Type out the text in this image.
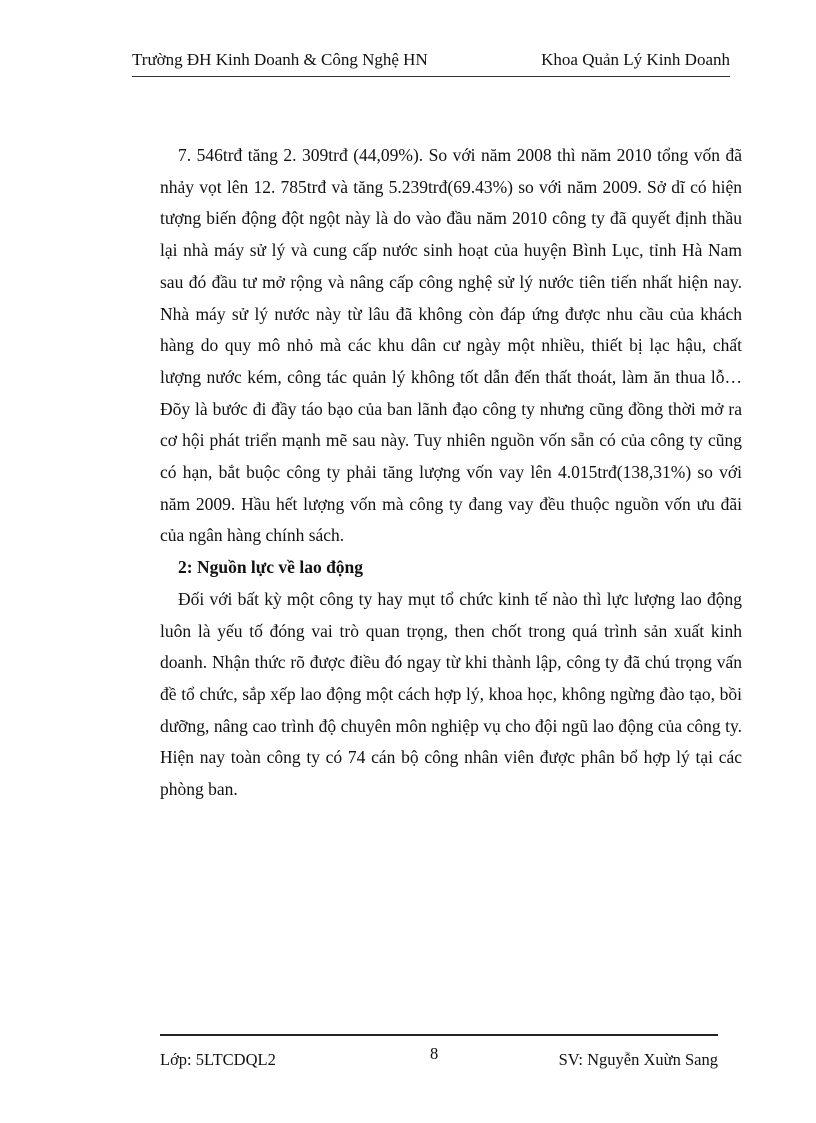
Trường ĐH Kinh Doanh & Công Nghệ HN	Khoa Quản Lý Kinh Doanh

7. 546trđ tăng 2. 309trđ (44,09%). So với năm 2008 thì năm 2010 tổng vốn đã nhảy vọt lên 12. 785trđ và tăng 5.239trđ(69.43%) so với năm 2009. Sở dĩ có hiện tượng biến động đột ngột này là do vào đầu năm 2010 công ty đã quyết định thầu lại nhà máy sử lý và cung cấp nước sinh hoạt của huyện Bình Lục, tỉnh Hà Nam sau đó đầu tư mở rộng và nâng cấp công nghệ sử lý nước tiên tiến nhất hiện nay. Nhà máy sử lý nước này từ lâu đã không còn đáp ứng được nhu cầu của khách hàng do quy mô nhỏ mà các khu dân cư ngày một nhiều, thiết bị lạc hậu, chất lượng nước kém, công tác quản lý không tốt dẫn đến thất thoát, làm ăn thua lỗ…Đõy là bước đi đầy táo bạo của ban lãnh đạo công ty nhưng cũng đồng thời mở ra cơ hội phát triển mạnh mẽ sau này. Tuy nhiên nguồn vốn sẵn có của công ty cũng có hạn, bắt buộc công ty phải tăng lượng vốn vay lên 4.015trđ(138,31%) so với năm 2009. Hầu hết lượng vốn mà công ty đang vay đều thuộc nguồn vốn ưu đãi của ngân hàng chính sách.

2: Nguồn lực về lao động

Đối với bất kỳ một công ty hay mụt tổ chức kinh tế nào thì lực lượng lao động luôn là yếu tố đóng vai trò quan trọng, then chốt trong quá trình sản xuất kinh doanh. Nhận thức rõ được điều đó ngay từ khi thành lập, công ty đã chú trọng vấn đề tổ chức, sắp xếp lao động một cách hợp lý, khoa học, không ngừng đào tạo, bồi dưỡng, nâng cao trình độ chuyên môn nghiệp vụ cho đội ngũ lao động của công ty. Hiện nay toàn công ty có 74 cán bộ công nhân viên được phân bổ hợp lý tại các phòng ban.

Lớp: 5LTCDQL2	8	SV: Nguyễn Xuừn Sang
